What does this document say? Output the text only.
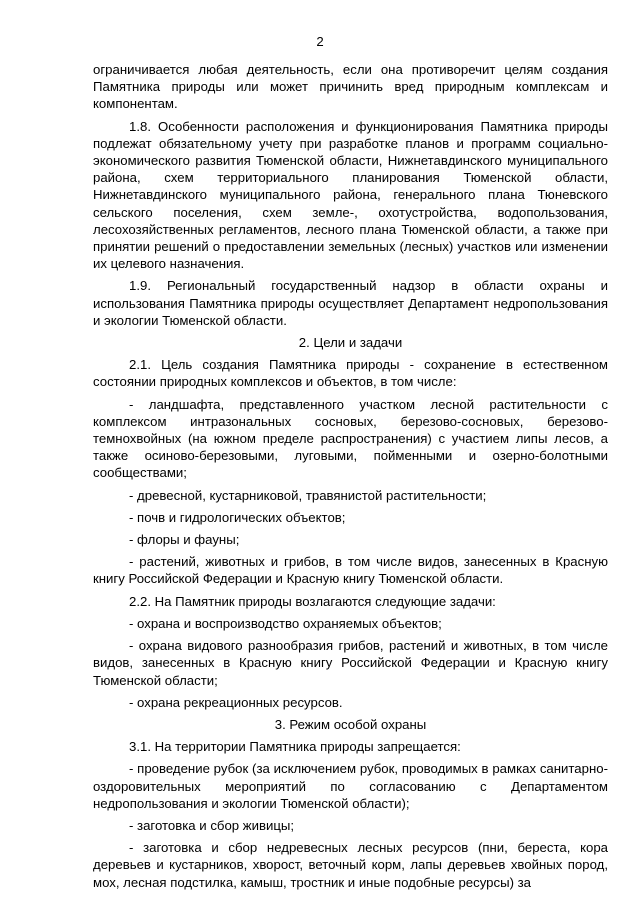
2

ограничивается любая деятельность, если она противоречит целям создания Памятника природы или может причинить вред природным комплексам и компонентам.

1.8. Особенности расположения и функционирования Памятника природы подлежат обязательному учету при разработке планов и программ социально-экономического развития Тюменской области, Нижнетавдинского муниципального района, схем территориального планирования Тюменской области, Нижнетавдинского муниципального района, генерального плана Тюневского сельского поселения, схем земле-, охотустройства, водопользования, лесохозяйственных регламентов, лесного плана Тюменской области, а также при принятии решений о предоставлении земельных (лесных) участков или изменении их целевого назначения.

1.9. Региональный государственный надзор в области охраны и использования Памятника природы осуществляет Департамент недропользования и экологии Тюменской области.

2. Цели и задачи

2.1. Цель создания Памятника природы - сохранение в естественном состоянии природных комплексов и объектов, в том числе:

- ландшафта, представленного участком лесной растительности с комплексом интразональных сосновых, березово-сосновых, березово-темнохвойных (на южном пределе распространения) с участием липы лесов, а также осиново-березовыми, луговыми, пойменными и озерно-болотными сообществами;

- древесной, кустарниковой, травянистой растительности;

- почв и гидрологических объектов;

- флоры и фауны;

- растений, животных и грибов, в том числе видов, занесенных в Красную книгу Российской Федерации и Красную книгу Тюменской области.

2.2. На Памятник природы возлагаются следующие задачи:

- охрана и воспроизводство охраняемых объектов;

- охрана видового разнообразия грибов, растений и животных, в том числе видов, занесенных в Красную книгу Российской Федерации и Красную книгу Тюменской области;

- охрана рекреационных ресурсов.

3. Режим особой охраны

3.1. На территории Памятника природы запрещается:

- проведение рубок (за исключением рубок, проводимых в рамках санитарно-оздоровительных мероприятий по согласованию с Департаментом недропользования и экологии Тюменской области);

- заготовка и сбор живицы;

- заготовка и сбор недревесных лесных ресурсов (пни, береста, кора деревьев и кустарников, хворост, веточный корм, лапы деревьев хвойных пород, мох, лесная подстилка, камыш, тростник и иные подобные ресурсы) за
